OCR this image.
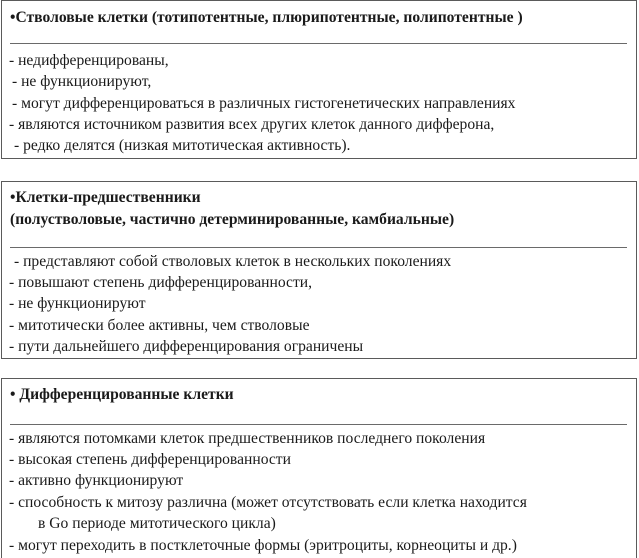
•Стволовые клетки (тотипотентные, плюрипотентные, полипотентные )
- недифференцированы,
- не функционируют,
- могут дифференцироваться в различных гистогенетических направлениях
- являются источником развития всех других клеток данного дифферона,
- редко делятся (низкая митотическая активность).
•Клетки-предшественники
(полустволовые, частично детерминированные, камбиальные)
- представляют собой стволовых клеток в нескольких поколениях
- повышают степень дифференцированности,
- не функционируют
- митотически более активны, чем стволовые
- пути дальнейшего дифференцирования ограничены
• Дифференцированные клетки
- являются потомками клеток предшественников последнего поколения
- высокая степень дифференцированности
- активно функционируют
- способность к митозу различна (может отсутствовать если клетка находится
в Go периоде митотического цикла)
- могут переходить в постклеточные формы (эритроциты, корнеоциты и др.)
